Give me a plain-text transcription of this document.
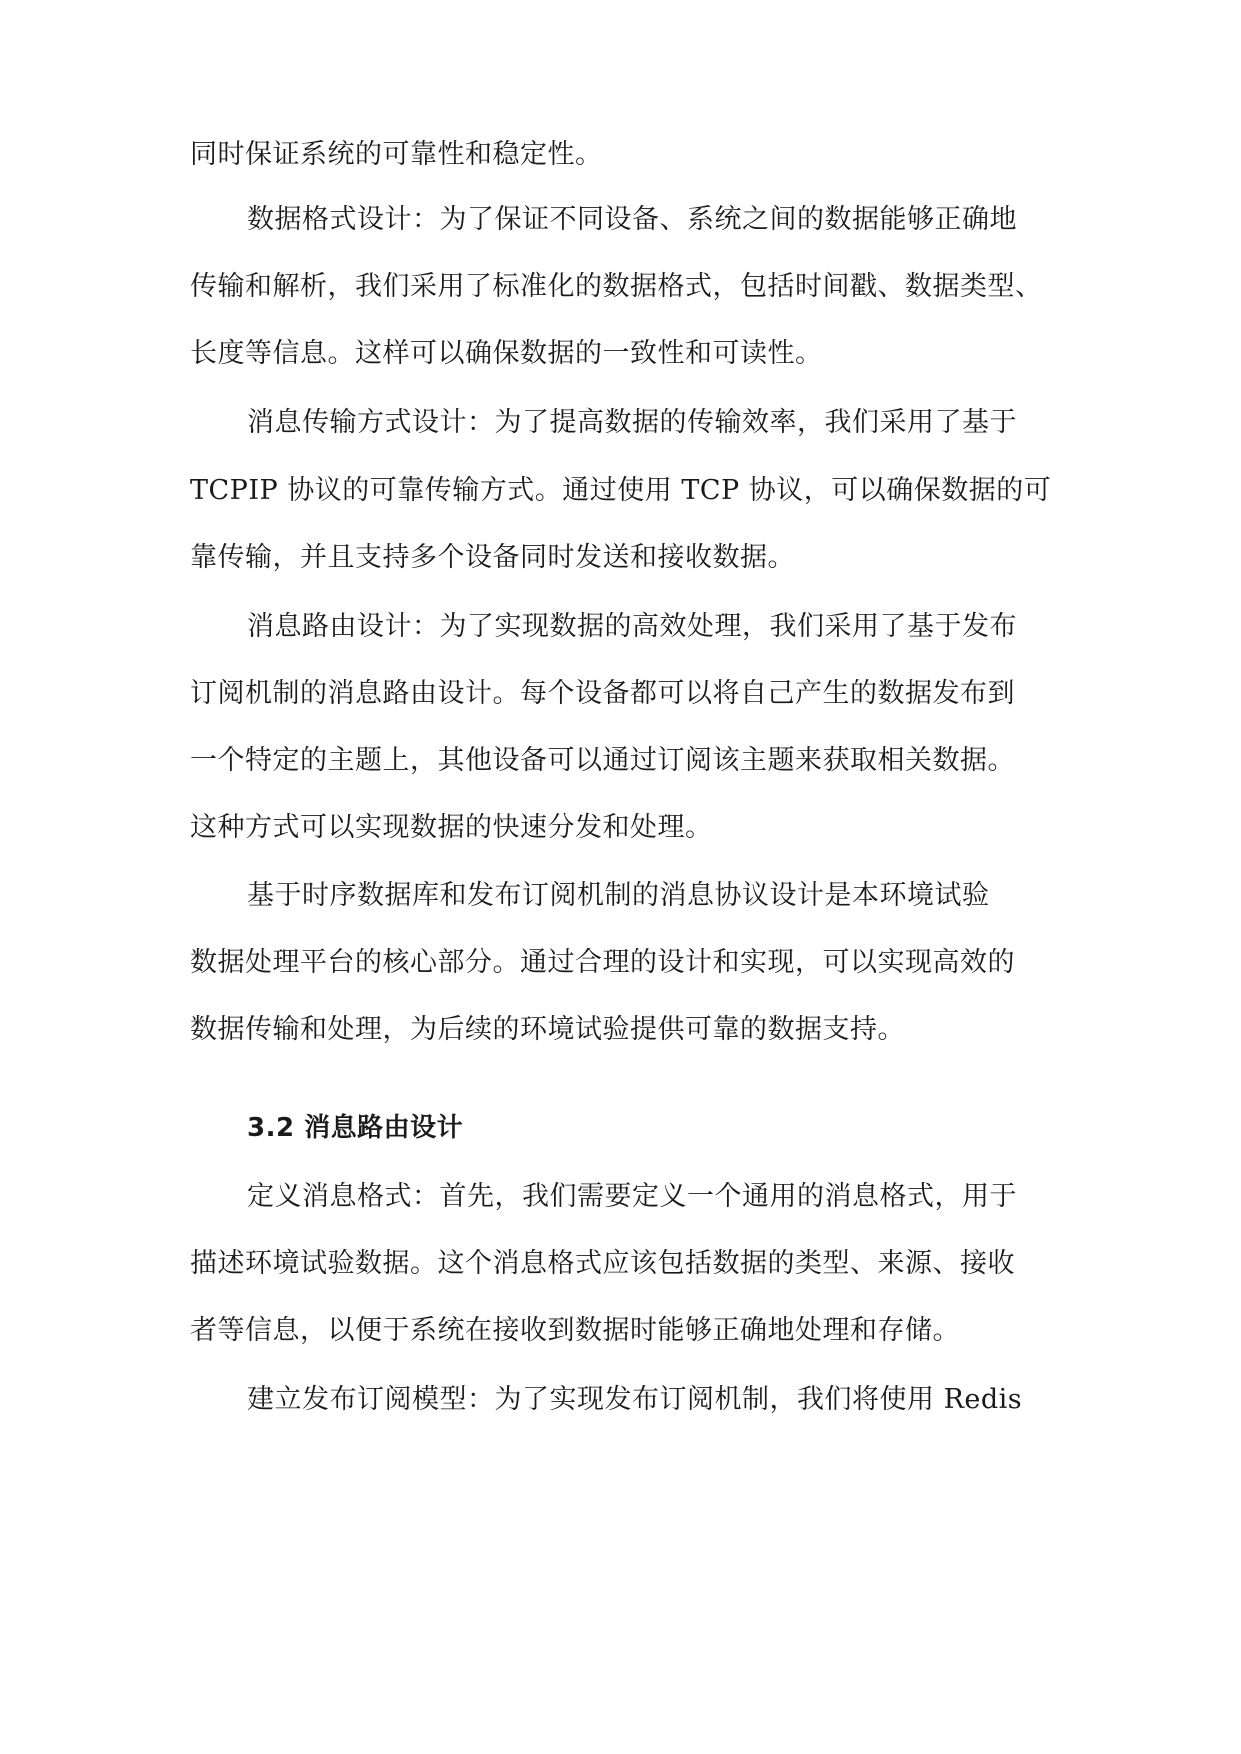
同时保证系统的可靠性和稳定性。
数据格式设计：为了保证不同设备、系统之间的数据能够正确地
传输和解析，我们采用了标准化的数据格式，包括时间戳、数据类型、
长度等信息。这样可以确保数据的一致性和可读性。
消息传输方式设计：为了提高数据的传输效率，我们采用了基于
TCPIP 协议的可靠传输方式。通过使用 TCP 协议，可以确保数据的可
靠传输，并且支持多个设备同时发送和接收数据。
消息路由设计：为了实现数据的高效处理，我们采用了基于发布
订阅机制的消息路由设计。每个设备都可以将自己产生的数据发布到
一个特定的主题上，其他设备可以通过订阅该主题来获取相关数据。
这种方式可以实现数据的快速分发和处理。
基于时序数据库和发布订阅机制的消息协议设计是本环境试验
数据处理平台的核心部分。通过合理的设计和实现，可以实现高效的
数据传输和处理，为后续的环境试验提供可靠的数据支持。
3.2 消息路由设计
定义消息格式：首先，我们需要定义一个通用的消息格式，用于
描述环境试验数据。这个消息格式应该包括数据的类型、来源、接收
者等信息，以便于系统在接收到数据时能够正确地处理和存储。
建立发布订阅模型：为了实现发布订阅机制，我们将使用 Redis
